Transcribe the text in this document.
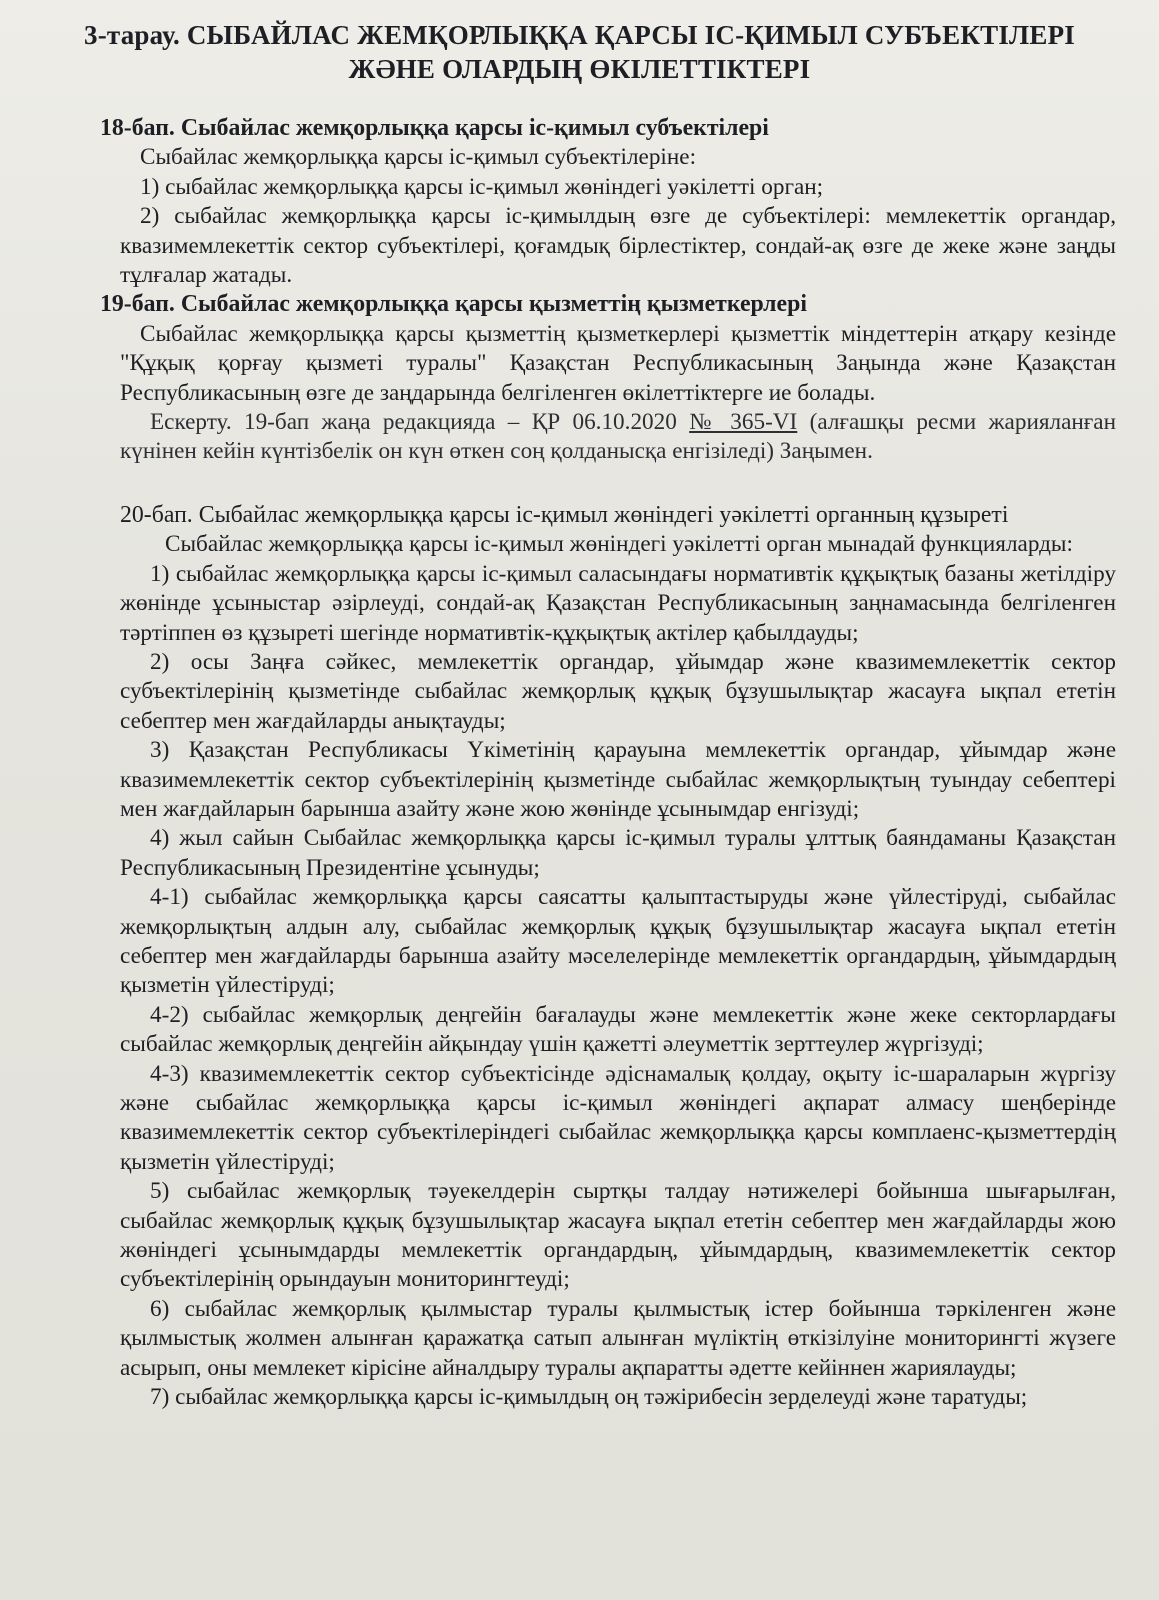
3-тарау. СЫБАЙЛАС ЖЕМҚОРЛЫҚҚА ҚАРСЫ ІС-ҚИМЫЛ СУБЪЕКТІЛЕРІ
ЖӘНЕ ОЛАРДЫҢ ӨКІЛЕТТІКТЕРІ

18-бап. Сыбайлас жемқорлыққа қарсы іс-қимыл субъектілері

Сыбайлас жемқорлыққа қарсы іс-қимыл субъектілеріне:

1) сыбайлас жемқорлыққа қарсы іс-қимыл жөніндегі уәкілетті орган;

2) сыбайлас жемқорлыққа қарсы іс-қимылдың өзге де субъектілері: мемлекеттік органдар, квазимемлекеттік сектор субъектілері, қоғамдық бірлестіктер, сондай-ақ өзге де жеке және заңды тұлғалар жатады.

19-бап. Сыбайлас жемқорлыққа қарсы қызметтің қызметкерлері

Сыбайлас жемқорлыққа қарсы қызметтің қызметкерлері қызметтік міндеттерін атқару кезінде "Құқық қорғау қызметі туралы" Қазақстан Республикасының Заңында және Қазақстан Республикасының өзге де заңдарында белгіленген өкілеттіктерге ие болады.

Ескерту. 19-бап жаңа редакцияда – ҚР 06.10.2020 № 365-VI (алғашқы ресми жарияланған күнінен кейін күнтізбелік он күн өткен соң қолданысқа енгізіледі) Заңымен.

20-бап. Сыбайлас жемқорлыққа қарсы іс-қимыл жөніндегі уәкілетті органның құзыреті

Сыбайлас жемқорлыққа қарсы іс-қимыл жөніндегі уәкілетті орган мынадай функцияларды:

1) сыбайлас жемқорлыққа қарсы іс-қимыл саласындағы нормативтік құқықтық базаны жетілдіру жөнінде ұсыныстар әзірлеуді, сондай-ақ Қазақстан Республикасының заңнамасында белгіленген тәртіппен өз құзыреті шегінде нормативтік-құқықтық актілер қабылдауды;

2) осы Заңға сәйкес, мемлекеттік органдар, ұйымдар және квазимемлекеттік сектор субъектілерінің қызметінде сыбайлас жемқорлық құқық бұзушылықтар жасауға ықпал ететін себептер мен жағдайларды анықтауды;

3) Қазақстан Республикасы Үкіметінің қарауына мемлекеттік органдар, ұйымдар және квазимемлекеттік сектор субъектілерінің қызметінде сыбайлас жемқорлықтың туындау себептері мен жағдайларын барынша азайту және жою жөнінде ұсынымдар енгізуді;

4) жыл сайын Сыбайлас жемқорлыққа қарсы іс-қимыл туралы ұлттық баяндаманы Қазақстан Республикасының Президентіне ұсынуды;

4-1) сыбайлас жемқорлыққа қарсы саясатты қалыптастыруды және үйлестіруді, сыбайлас жемқорлықтың алдын алу, сыбайлас жемқорлық құқық бұзушылықтар жасауға ықпал ететін себептер мен жағдайларды барынша азайту мәселелерінде мемлекеттік органдардың, ұйымдардың қызметін үйлестіруді;

4-2) сыбайлас жемқорлық деңгейін бағалауды және мемлекеттік және жеке секторлардағы сыбайлас жемқорлық деңгейін айқындау үшін қажетті әлеуметтік зерттеулер жүргізуді;

4-3) квазимемлекеттік сектор субъектісінде әдіснамалық қолдау, оқыту іс-шараларын жүргізу және сыбайлас жемқорлыққа қарсы іс-қимыл жөніндегі ақпарат алмасу шеңберінде квазимемлекеттік сектор субъектілеріндегі сыбайлас жемқорлыққа қарсы комплаенс-қызметтердің қызметін үйлестіруді;

5) сыбайлас жемқорлық тәуекелдерін сыртқы талдау нәтижелері бойынша шығарылған, сыбайлас жемқорлық құқық бұзушылықтар жасауға ықпал ететін себептер мен жағдайларды жою жөніндегі ұсынымдарды мемлекеттік органдардың, ұйымдардың, квазимемлекеттік сектор субъектілерінің орындауын мониторингтеуді;

6) сыбайлас жемқорлық қылмыстар туралы қылмыстық істер бойынша тәркіленген және қылмыстық жолмен алынған қаражатқа сатып алынған мүліктің өткізілуіне мониторингті жүзеге асырып, оны мемлекет кірісіне айналдыру туралы ақпаратты әдетте кейіннен жариялауды;

7) сыбайлас жемқорлыққа қарсы іс-қимылдың оң тәжірибесін зерделеуді және таратуды;
